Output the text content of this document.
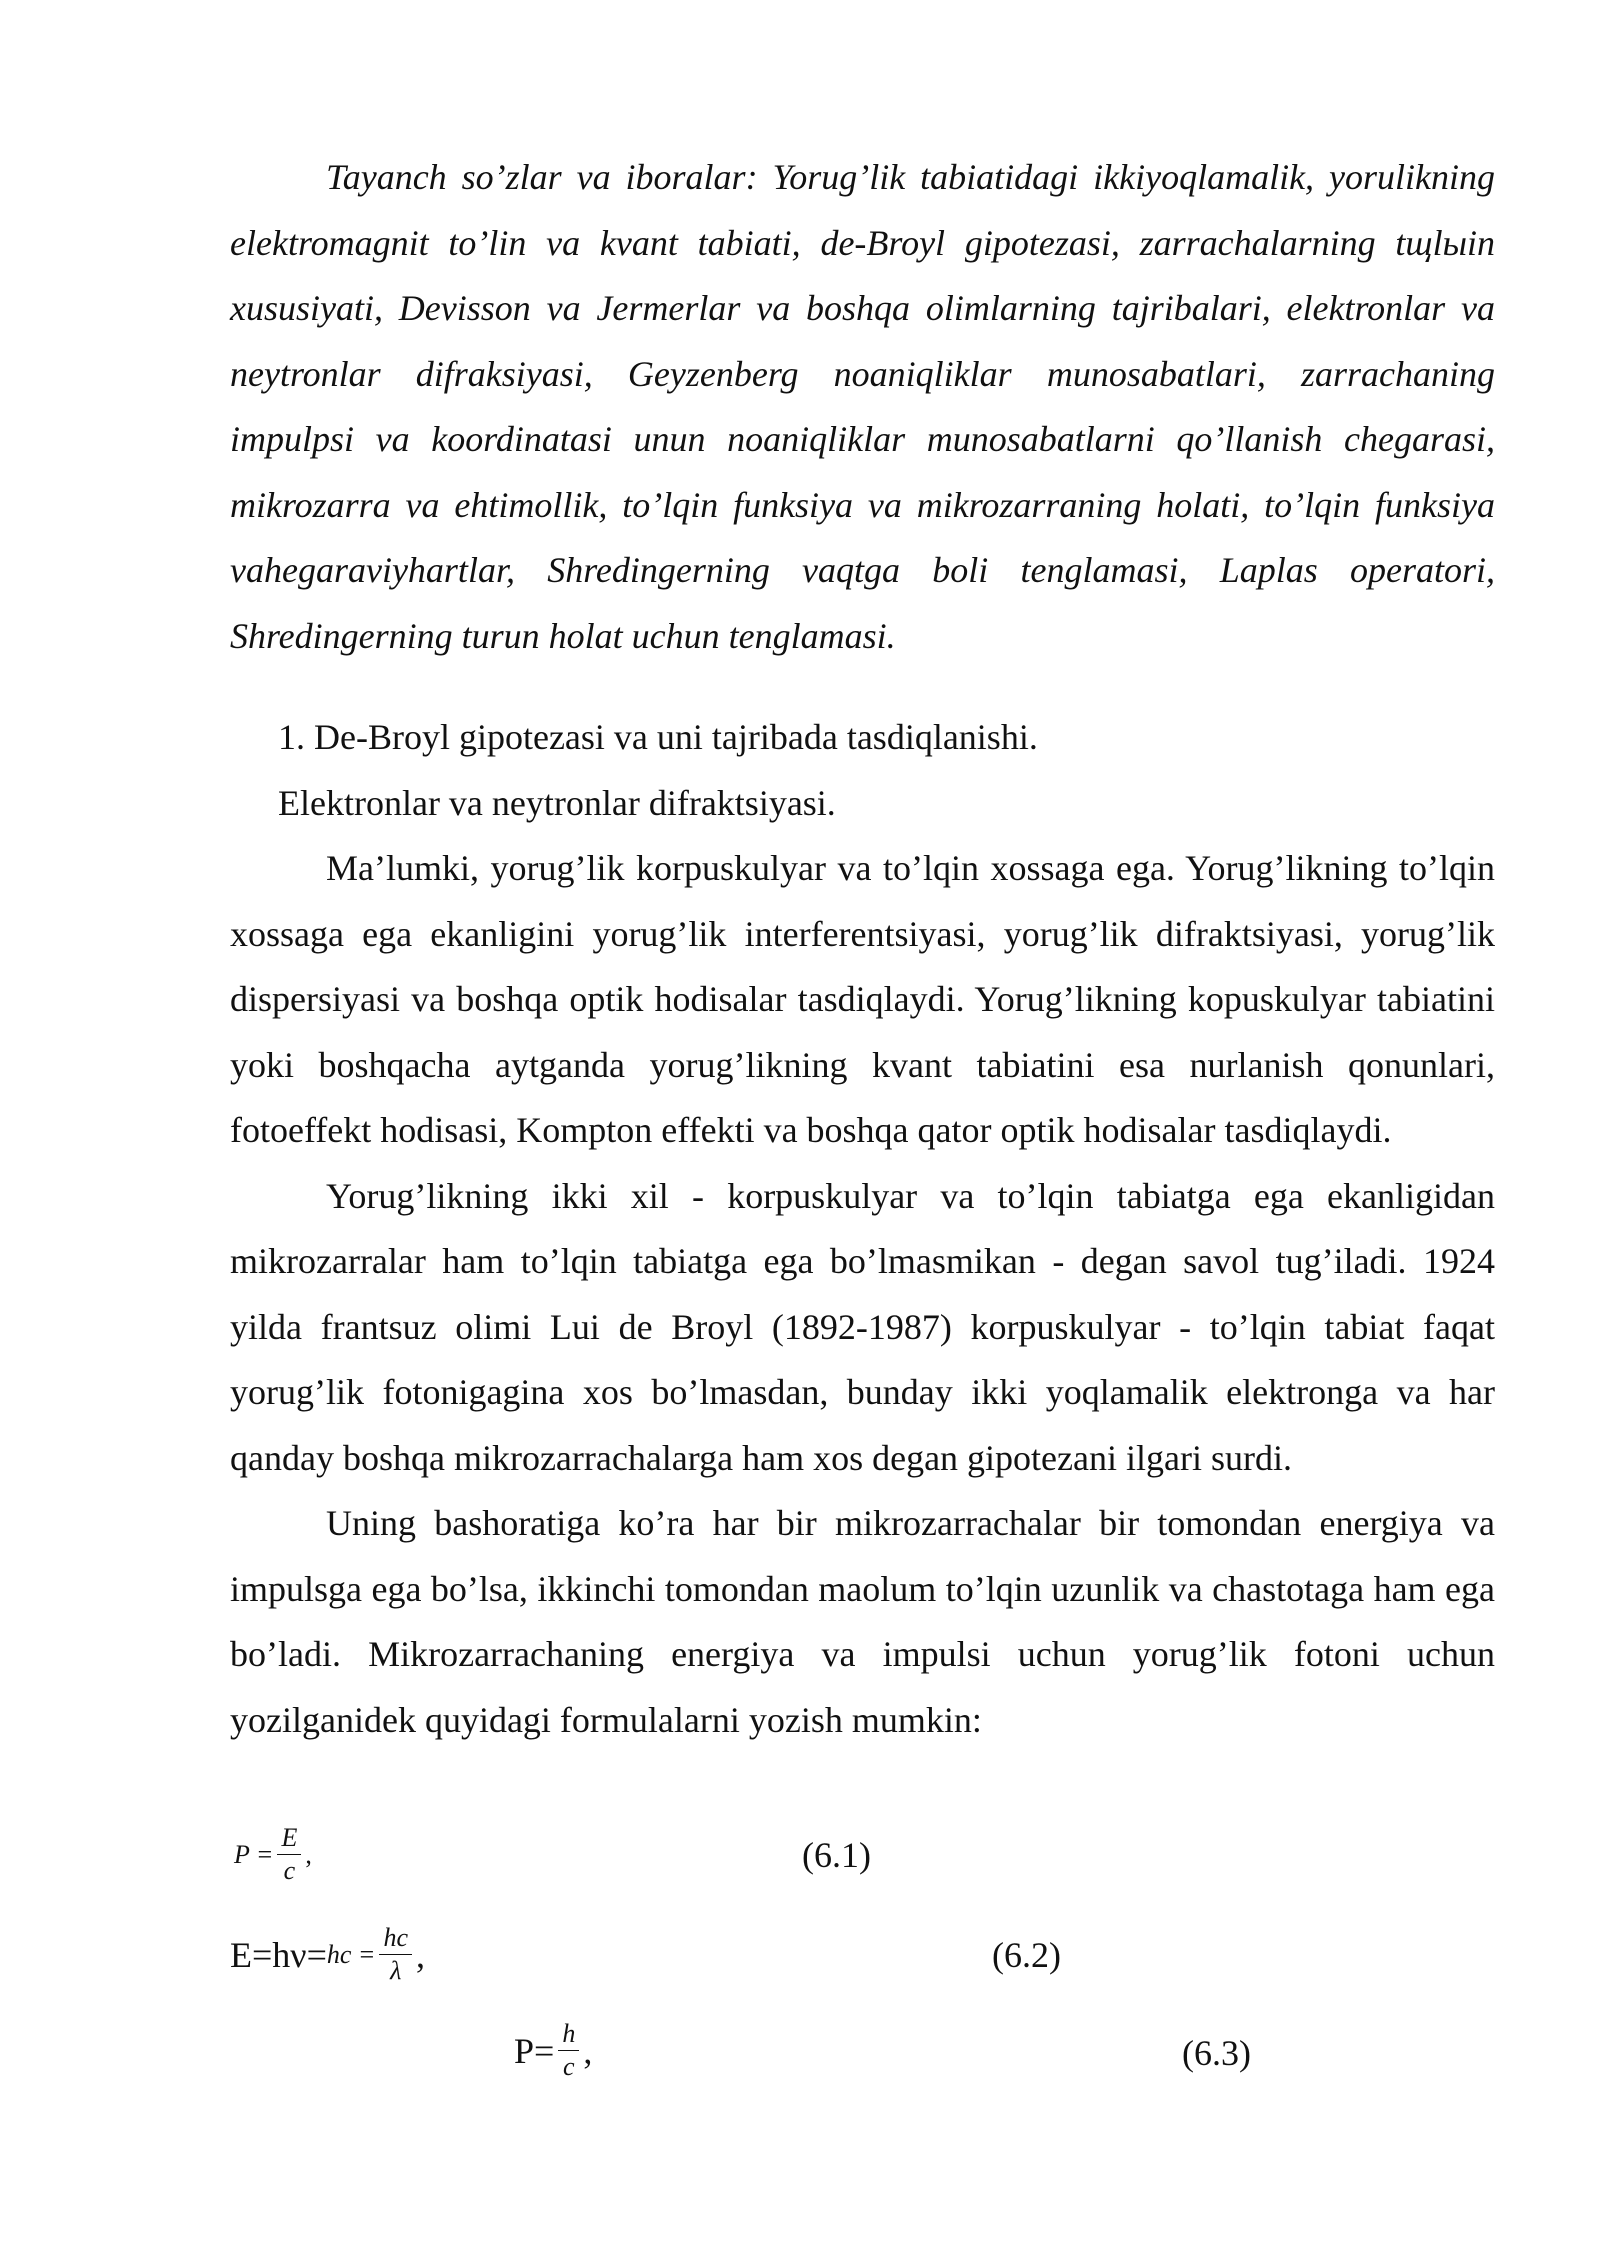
Tayanch so’zlar va iboralar: Yorug’lik tabiatidagi ikkiyoqlamalik, yorulikning elektromagnit to’lin va kvant tabiati, de-Broyl gipotezasi, zarrachalarning tщlыin xususiyati, Devisson va Jermerlar va boshqa olimlarning tajribalari, elektronlar va neytronlar difraksiyasi, Geyzenberg noaniqliklar munosabatlari, zarrachaning impulpsi va koordinatasi unun noaniqliklar munosabatlarni qo’llanish chegarasi, mikrozarra va ehtimollik, to’lqin funksiya va mikrozarraning holati, to’lqin funksiya vahegaraviyhartlar, Shredingerning vaqtga boli tenglamasi, Laplas operatori, Shredingerning turun holat uchun tenglamasi.

1. De-Broyl gipotezasi va uni tajribada tasdiqlanishi.
Elektronlar va neytronlar difraktsiyasi.

Ma’lumki, yorug’lik korpuskulyar va to’lqin xossaga ega. Yorug’likning to’lqin xossaga ega ekanligini yorug’lik interferentsiyasi, yorug’lik difraktsiyasi, yorug’lik dispersiyasi va boshqa optik hodisalar tasdiqlaydi. Yorug’likning kopuskulyar tabiatini yoki boshqacha aytganda yorug’likning kvant tabiatini esa nurlanish qonunlari, fotoeffekt hodisasi, Kompton effekti va boshqa qator optik hodisalar tasdiqlaydi.

Yorug’likning ikki xil - korpuskulyar va to’lqin tabiatga ega ekanligidan mikrozarralar ham to’lqin tabiatga ega bo’lmasmikan - degan savol tug’iladi. 1924 yilda frantsuz olimi Lui de Broyl (1892-1987) korpuskulyar - to’lqin tabiat faqat yorug’lik fotonigagina xos bo’lmasdan, bunday ikki yoqlamalik elektronga va har qanday boshqa mikrozarrachalarga ham xos degan gipotezani ilgari surdi.

Uning bashoratiga ko’ra har bir mikrozarrachalar bir tomondan energiya va impulsga ega bo’lsa, ikkinchi tomondan maolum to’lqin uzunlik va chastotaga ham ega bo’ladi. Mikrozarrachaning energiya va impulsi uchun yorug’lik fotoni uchun yozilganidek quyidagi formulalarni yozish mumkin:

$P = \frac{E}{c}$ ,	(6.1)
E=hν= hc = $\frac{hc}{\lambda}$ ,	(6.2)
$P= \frac{h}{c}$ ,	(6.3)
